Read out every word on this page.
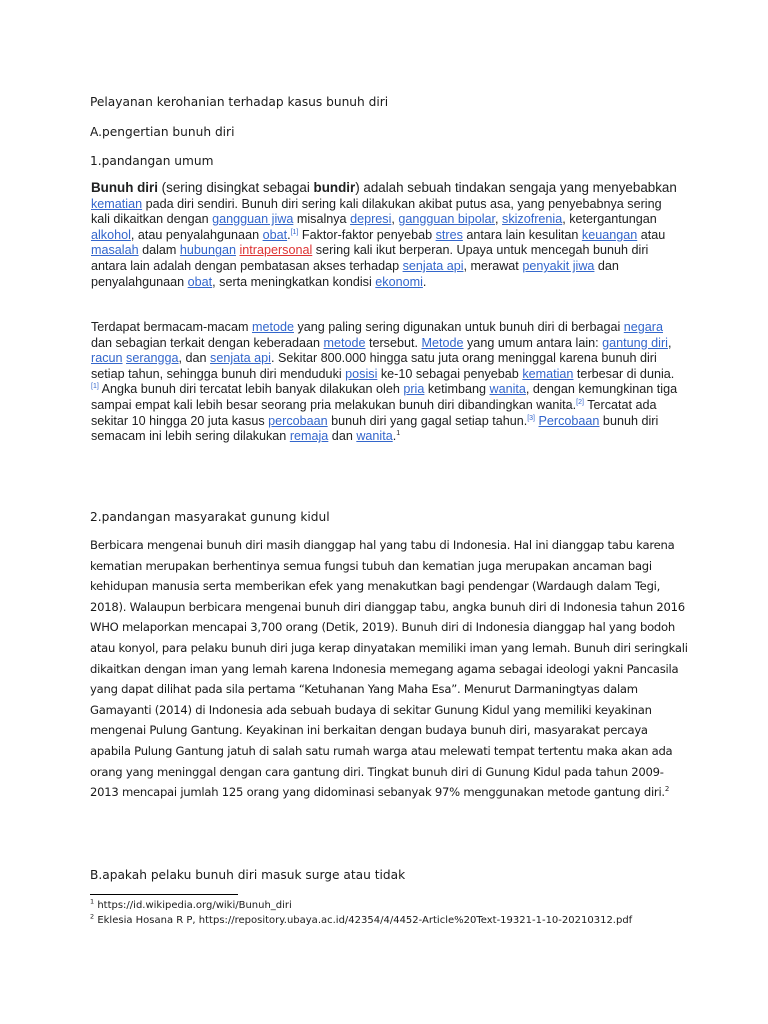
Pelayanan kerohanian terhadap kasus bunuh diri
A.pengertian bunuh diri
1.pandangan umum

Bunuh diri (sering disingkat sebagai bundir) adalah sebuah tindakan sengaja yang menyebabkan kematian pada diri sendiri. Bunuh diri sering kali dilakukan akibat putus asa, yang penyebabnya sering kali dikaitkan dengan gangguan jiwa misalnya depresi, gangguan bipolar, skizofrenia, ketergantungan alkohol, atau penyalahgunaan obat.[1] Faktor-faktor penyebab stres antara lain kesulitan keuangan atau masalah dalam hubungan intrapersonal sering kali ikut berperan. Upaya untuk mencegah bunuh diri antara lain adalah dengan pembatasan akses terhadap senjata api, merawat penyakit jiwa dan penyalahgunaan obat, serta meningkatkan kondisi ekonomi.

Terdapat bermacam-macam metode yang paling sering digunakan untuk bunuh diri di berbagai negara dan sebagian terkait dengan keberadaan metode tersebut. Metode yang umum antara lain: gantung diri, racun serangga, dan senjata api. Sekitar 800.000 hingga satu juta orang meninggal karena bunuh diri setiap tahun, sehingga bunuh diri menduduki posisi ke-10 sebagai penyebab kematian terbesar di dunia.[1] Angka bunuh diri tercatat lebih banyak dilakukan oleh pria ketimbang wanita, dengan kemungkinan tiga sampai empat kali lebih besar seorang pria melakukan bunuh diri dibandingkan wanita.[2] Tercatat ada sekitar 10 hingga 20 juta kasus percobaan bunuh diri yang gagal setiap tahun.[3] Percobaan bunuh diri semacam ini lebih sering dilakukan remaja dan wanita.$^1$

2.pandangan masyarakat gunung kidul

Berbicara mengenai bunuh diri masih dianggap hal yang tabu di Indonesia. Hal ini dianggap tabu karena kematian merupakan berhentinya semua fungsi tubuh dan kematian juga merupakan ancaman bagi kehidupan manusia serta memberikan efek yang menakutkan bagi pendengar (Wardaugh dalam Tegi, 2018). Walaupun berbicara mengenai bunuh diri dianggap tabu, angka bunuh diri di Indonesia tahun 2016 WHO melaporkan mencapai 3,700 orang (Detik, 2019). Bunuh diri di Indonesia dianggap hal yang bodoh atau konyol, para pelaku bunuh diri juga kerap dinyatakan memiliki iman yang lemah. Bunuh diri seringkali dikaitkan dengan iman yang lemah karena Indonesia memegang agama sebagai ideologi yakni Pancasila yang dapat dilihat pada sila pertama “Ketuhanan Yang Maha Esa”. Menurut Darmaningtyas dalam Gamayanti (2014) di Indonesia ada sebuah budaya di sekitar Gunung Kidul yang memiliki keyakinan mengenai Pulung Gantung. Keyakinan ini berkaitan dengan budaya bunuh diri, masyarakat percaya apabila Pulung Gantung jatuh di salah satu rumah warga atau melewati tempat tertentu maka akan ada orang yang meninggal dengan cara gantung diri. Tingkat bunuh diri di Gunung Kidul pada tahun 2009-2013 mencapai jumlah 125 orang yang didominasi sebanyak 97% menggunakan metode gantung diri.$^2$

B.apakah pelaku bunuh diri masuk surge atau tidak
$^1$ https://id.wikipedia.org/wiki/Bunuh_diri
$^2$ Eklesia Hosana R P, https://repository.ubaya.ac.id/42354/4/4452-Article%20Text-19321-1-10-20210312.pdf
